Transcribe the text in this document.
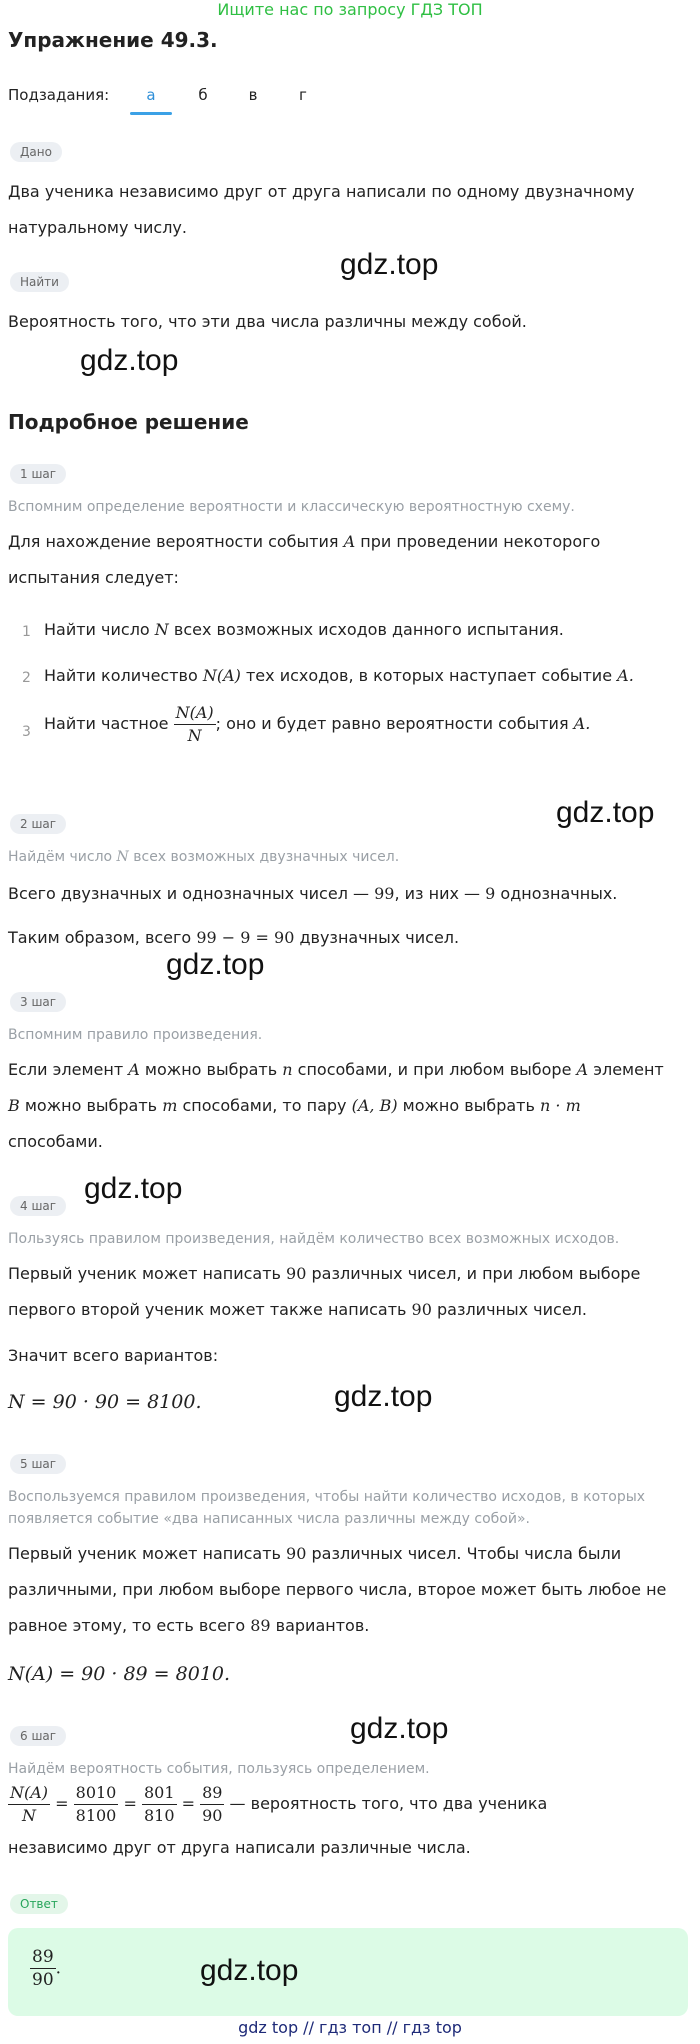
Ищите нас по запросу ГДЗ ТОП
Упражнение 49.3.
Подзадания:	а	б	в	г
Дано
Два ученика независимо друг от друга написали по одному двузначному
натуральному числу.
Найти
gdz.top
Вероятность того, что эти два числа различны между собой.
gdz.top
Подробное решение
1 шаг
Вспомним определение вероятности и классическую вероятностную схему.
Для нахождение вероятности события A при проведении некоторого
испытания следует:
1 Найти число N всех возможных исходов данного испытания.
2 Найти количество N(A) тех исходов, в которых наступает событие A.
3 Найти частное $\frac{N(A)}{N}$ ; оно и будет равно вероятности события A.
gdz.top
2 шаг
Найдём число N всех возможных двузначных чисел.
Всего двузначных и однозначных чисел — 99, из них — 9 однозначных.
Таким образом, всего 99 − 9 = 90 двузначных чисел.
gdz.top
3 шаг
Вспомним правило произведения.
Если элемент A можно выбрать n способами, и при любом выборе A элемент
B можно выбрать m способами, то пару (A, B) можно выбрать n · m
способами.
gdz.top
4 шаг
Пользуясь правилом произведения, найдём количество всех возможных исходов.
Первый ученик может написать 90 различных чисел, и при любом выборе
первого второй ученик может также написать 90 различных чисел.
Значит всего вариантов:
N = 90 · 90 = 8100.	gdz.top
5 шаг
Воспользуемся правилом произведения, чтобы найти количество исходов, в которых
появляется событие «два написанных числа различны между собой».
Первый ученик может написать 90 различных чисел. Чтобы числа были
различными, при любом выборе первого числа, второе может быть любое не
равное этому, то есть всего 89 вариантов.
N(A) = 90 · 89 = 8010.
gdz.top
6 шаг
Найдём вероятность события, пользуясь определением.
$\frac{N(A)}{N} = \frac{8010}{8100} = \frac{801}{810} = \frac{89}{90}$ — вероятность того, что два ученика
независимо друг от друга написали различные числа.
Ответ
$\frac{89}{90}$ .	gdz.top
gdz top // гдз топ // гдз top
